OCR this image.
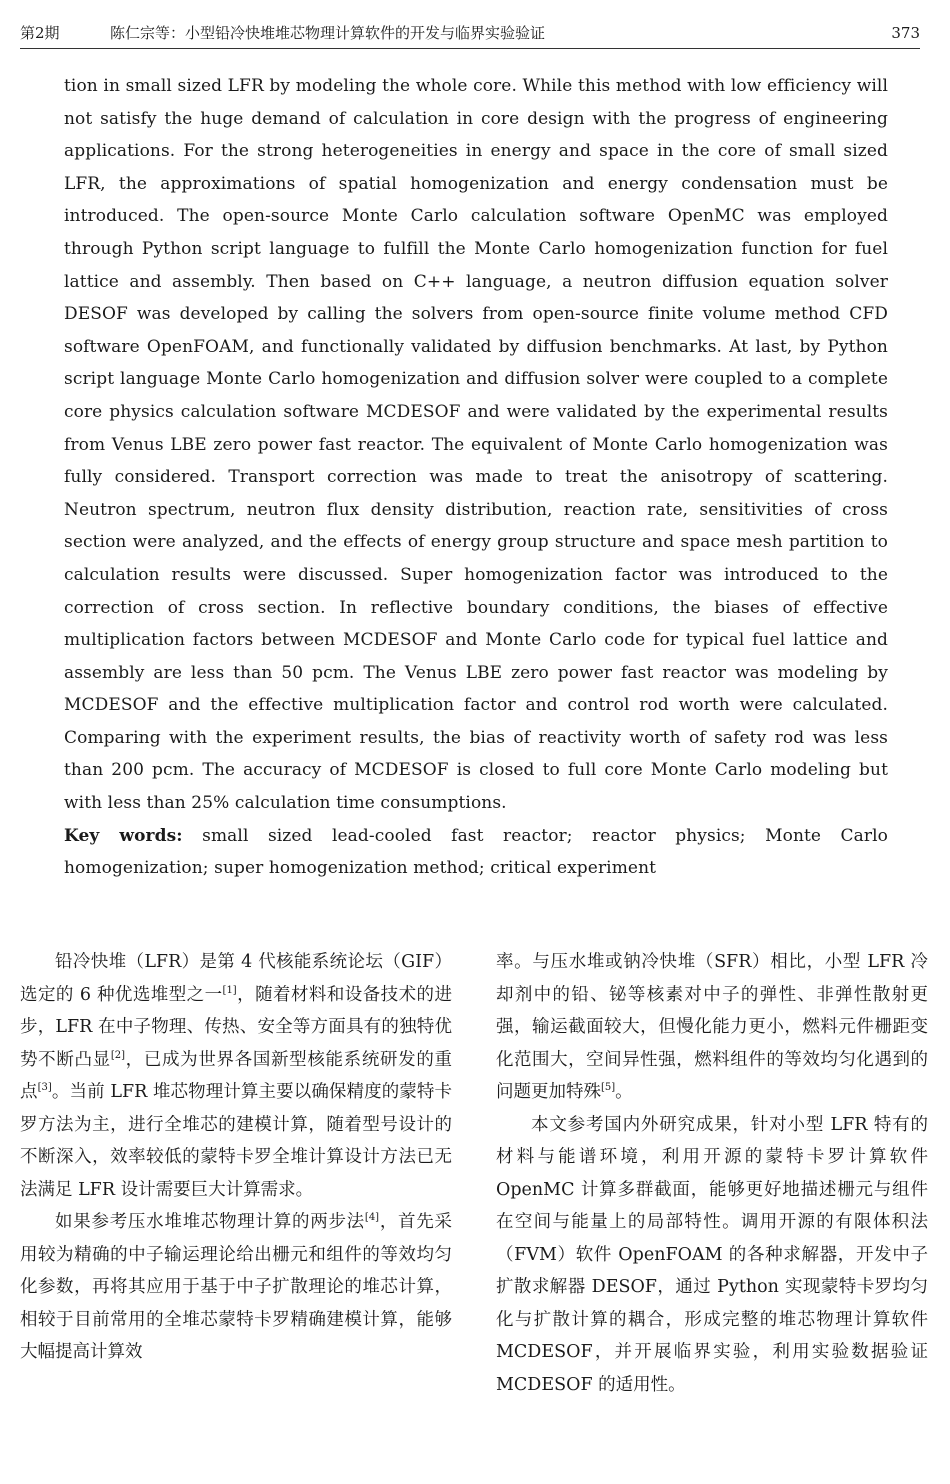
第2期	陈仁宗等：小型铅冷快堆堆芯物理计算软件的开发与临界实验验证	373

tion in small sized LFR by modeling the whole core. While this method with low efficiency will not satisfy the huge demand of calculation in core design with the progress of engineering applications. For the strong heterogeneities in energy and space in the core of small sized LFR, the approximations of spatial homogenization and energy condensation must be introduced. The open-source Monte Carlo calculation software OpenMC was employed through Python script language to fulfill the Monte Carlo homogenization function for fuel lattice and assembly. Then based on C++ language, a neutron diffusion equation solver DESOF was developed by calling the solvers from open-source finite volume method CFD software OpenFOAM, and functionally validated by diffusion benchmarks. At last, by Python script language Monte Carlo homogenization and diffusion solver were coupled to a complete core physics calculation software MCDESOF and were validated by the experimental results from Venus LBE zero power fast reactor. The equivalent of Monte Carlo homogenization was fully considered. Transport correction was made to treat the anisotropy of scattering. Neutron spectrum, neutron flux density distribution, reaction rate, sensitivities of cross section were analyzed, and the effects of energy group structure and space mesh partition to calculation results were discussed. Super homogenization factor was introduced to the correction of cross section. In reflective boundary conditions, the biases of effective multiplication factors between MCDESOF and Monte Carlo code for typical fuel lattice and assembly are less than 50 pcm. The Venus LBE zero power fast reactor was modeling by MCDESOF and the effective multiplication factor and control rod worth were calculated. Comparing with the experiment results, the bias of reactivity worth of safety rod was less than 200 pcm. The accuracy of MCDESOF is closed to full core Monte Carlo modeling but with less than 25% calculation time consumptions.

Key words: small sized lead-cooled fast reactor; reactor physics; Monte Carlo homogenization; super homogenization method; critical experiment

铅冷快堆（LFR）是第 4 代核能系统论坛（GIF）选定的 6 种优选堆型之一[1]，随着材料和设备技术的进步，LFR 在中子物理、传热、安全等方面具有的独特优势不断凸显[2]，已成为世界各国新型核能系统研发的重点[3]。当前 LFR 堆芯物理计算主要以确保精度的蒙特卡罗方法为主，进行全堆芯的建模计算，随着型号设计的不断深入，效率较低的蒙特卡罗全堆计算设计方法已无法满足 LFR 设计需要巨大计算需求。

如果参考压水堆堆芯物理计算的两步法[4]，首先采用较为精确的中子输运理论给出栅元和组件的等效均匀化参数，再将其应用于基于中子扩散理论的堆芯计算，相较于目前常用的全堆芯蒙特卡罗精确建模计算，能够大幅提高计算效

率。与压水堆或钠冷快堆（SFR）相比，小型 LFR 冷却剂中的铅、铋等核素对中子的弹性、非弹性散射更强，输运截面较大，但慢化能力更小，燃料元件栅距变化范围大，空间异性强，燃料组件的等效均匀化遇到的问题更加特殊[5]。

本文参考国内外研究成果，针对小型 LFR 特有的材料与能谱环境，利用开源的蒙特卡罗计算软件 OpenMC 计算多群截面，能够更好地描述栅元与组件在空间与能量上的局部特性。调用开源的有限体积法（FVM）软件 OpenFOAM 的各种求解器，开发中子扩散求解器 DESOF，通过 Python 实现蒙特卡罗均匀化与扩散计算的耦合，形成完整的堆芯物理计算软件 MCDESOF，并开展临界实验，利用实验数据验证 MCDESOF 的适用性。
